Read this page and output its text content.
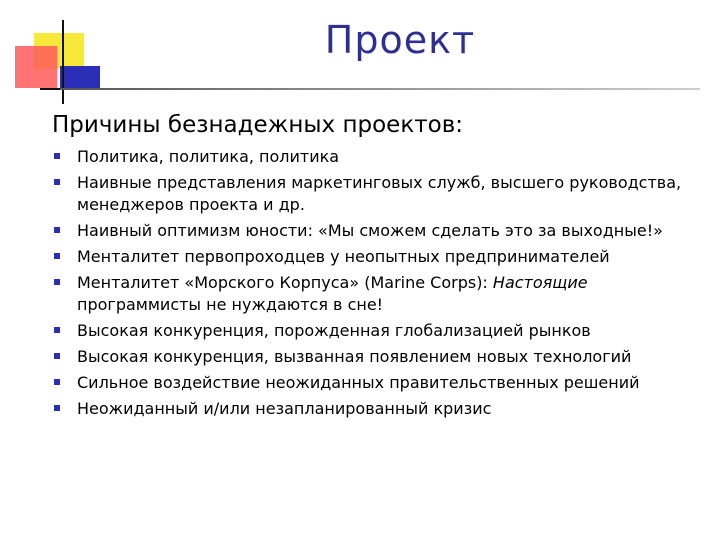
Проект
Причины безнадежных проектов:
Политика, политика, политика
Наивные представления маркетинговых служб, высшего руководства, менеджеров проекта и др.
Наивный оптимизм юности: «Мы сможем сделать это за выходные!»
Менталитет первопроходцев у неопытных предпринимателей
Менталитет «Морского Корпуса» (Marine Corps): Настоящие программисты не нуждаются в сне!
Высокая конкуренция, порожденная глобализацией рынков
Высокая конкуренция, вызванная появлением новых технологий
Сильное воздействие неожиданных правительственных решений
Неожиданный и/или незапланированный кризис
